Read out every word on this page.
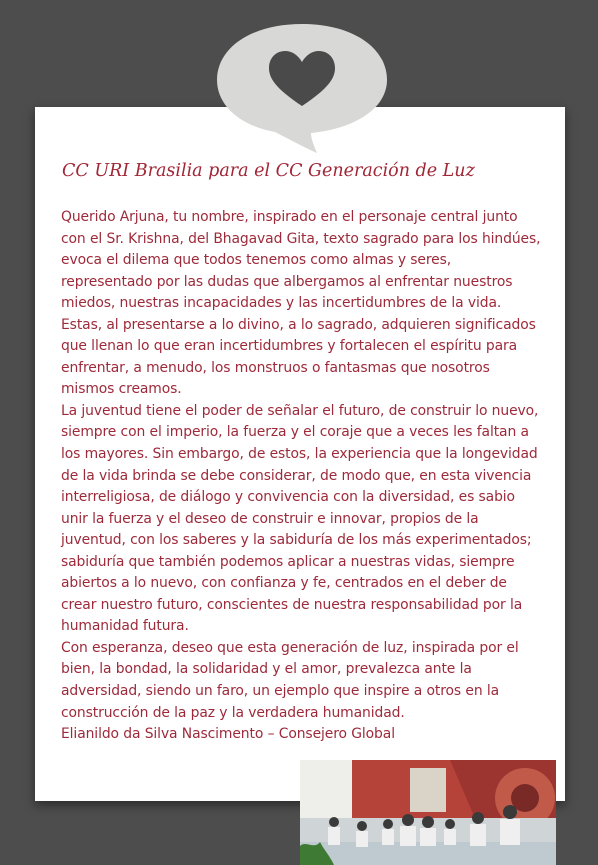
CC URI Brasilia para el CC Generación de Luz

Querido Arjuna, tu nombre, inspirado en el personaje central junto con el Sr. Krishna, del Bhagavad Gita, texto sagrado para los hindúes, evoca el dilema que todos tenemos como almas y seres, representado por las dudas que albergamos al enfrentar nuestros miedos, nuestras incapacidades y las incertidumbres de la vida. Estas, al presentarse a lo divino, a lo sagrado, adquieren significados que llenan lo que eran incertidumbres y fortalecen el espíritu para enfrentar, a menudo, los monstruos o fantasmas que nosotros mismos creamos.

La juventud tiene el poder de señalar el futuro, de construir lo nuevo, siempre con el imperio, la fuerza y el coraje que a veces les faltan a los mayores. Sin embargo, de estos, la experiencia que la longevidad de la vida brinda se debe considerar, de modo que, en esta vivencia interreligiosa, de diálogo y convivencia con la diversidad, es sabio unir la fuerza y el deseo de construir e innovar, propios de la juventud, con los saberes y la sabiduría de los más experimentados; sabiduría que también podemos aplicar a nuestras vidas, siempre abiertos a lo nuevo, con confianza y fe, centrados en el deber de crear nuestro futuro, conscientes de nuestra responsabilidad por la humanidad futura.

Con esperanza, deseo que esta generación de luz, inspirada por el bien, la bondad, la solidaridad y el amor, prevalezca ante la adversidad, siendo un faro, un ejemplo que inspire a otros en la construcción de la paz y la verdadera humanidad.

Elianildo da Silva Nascimento – Consejero Global
